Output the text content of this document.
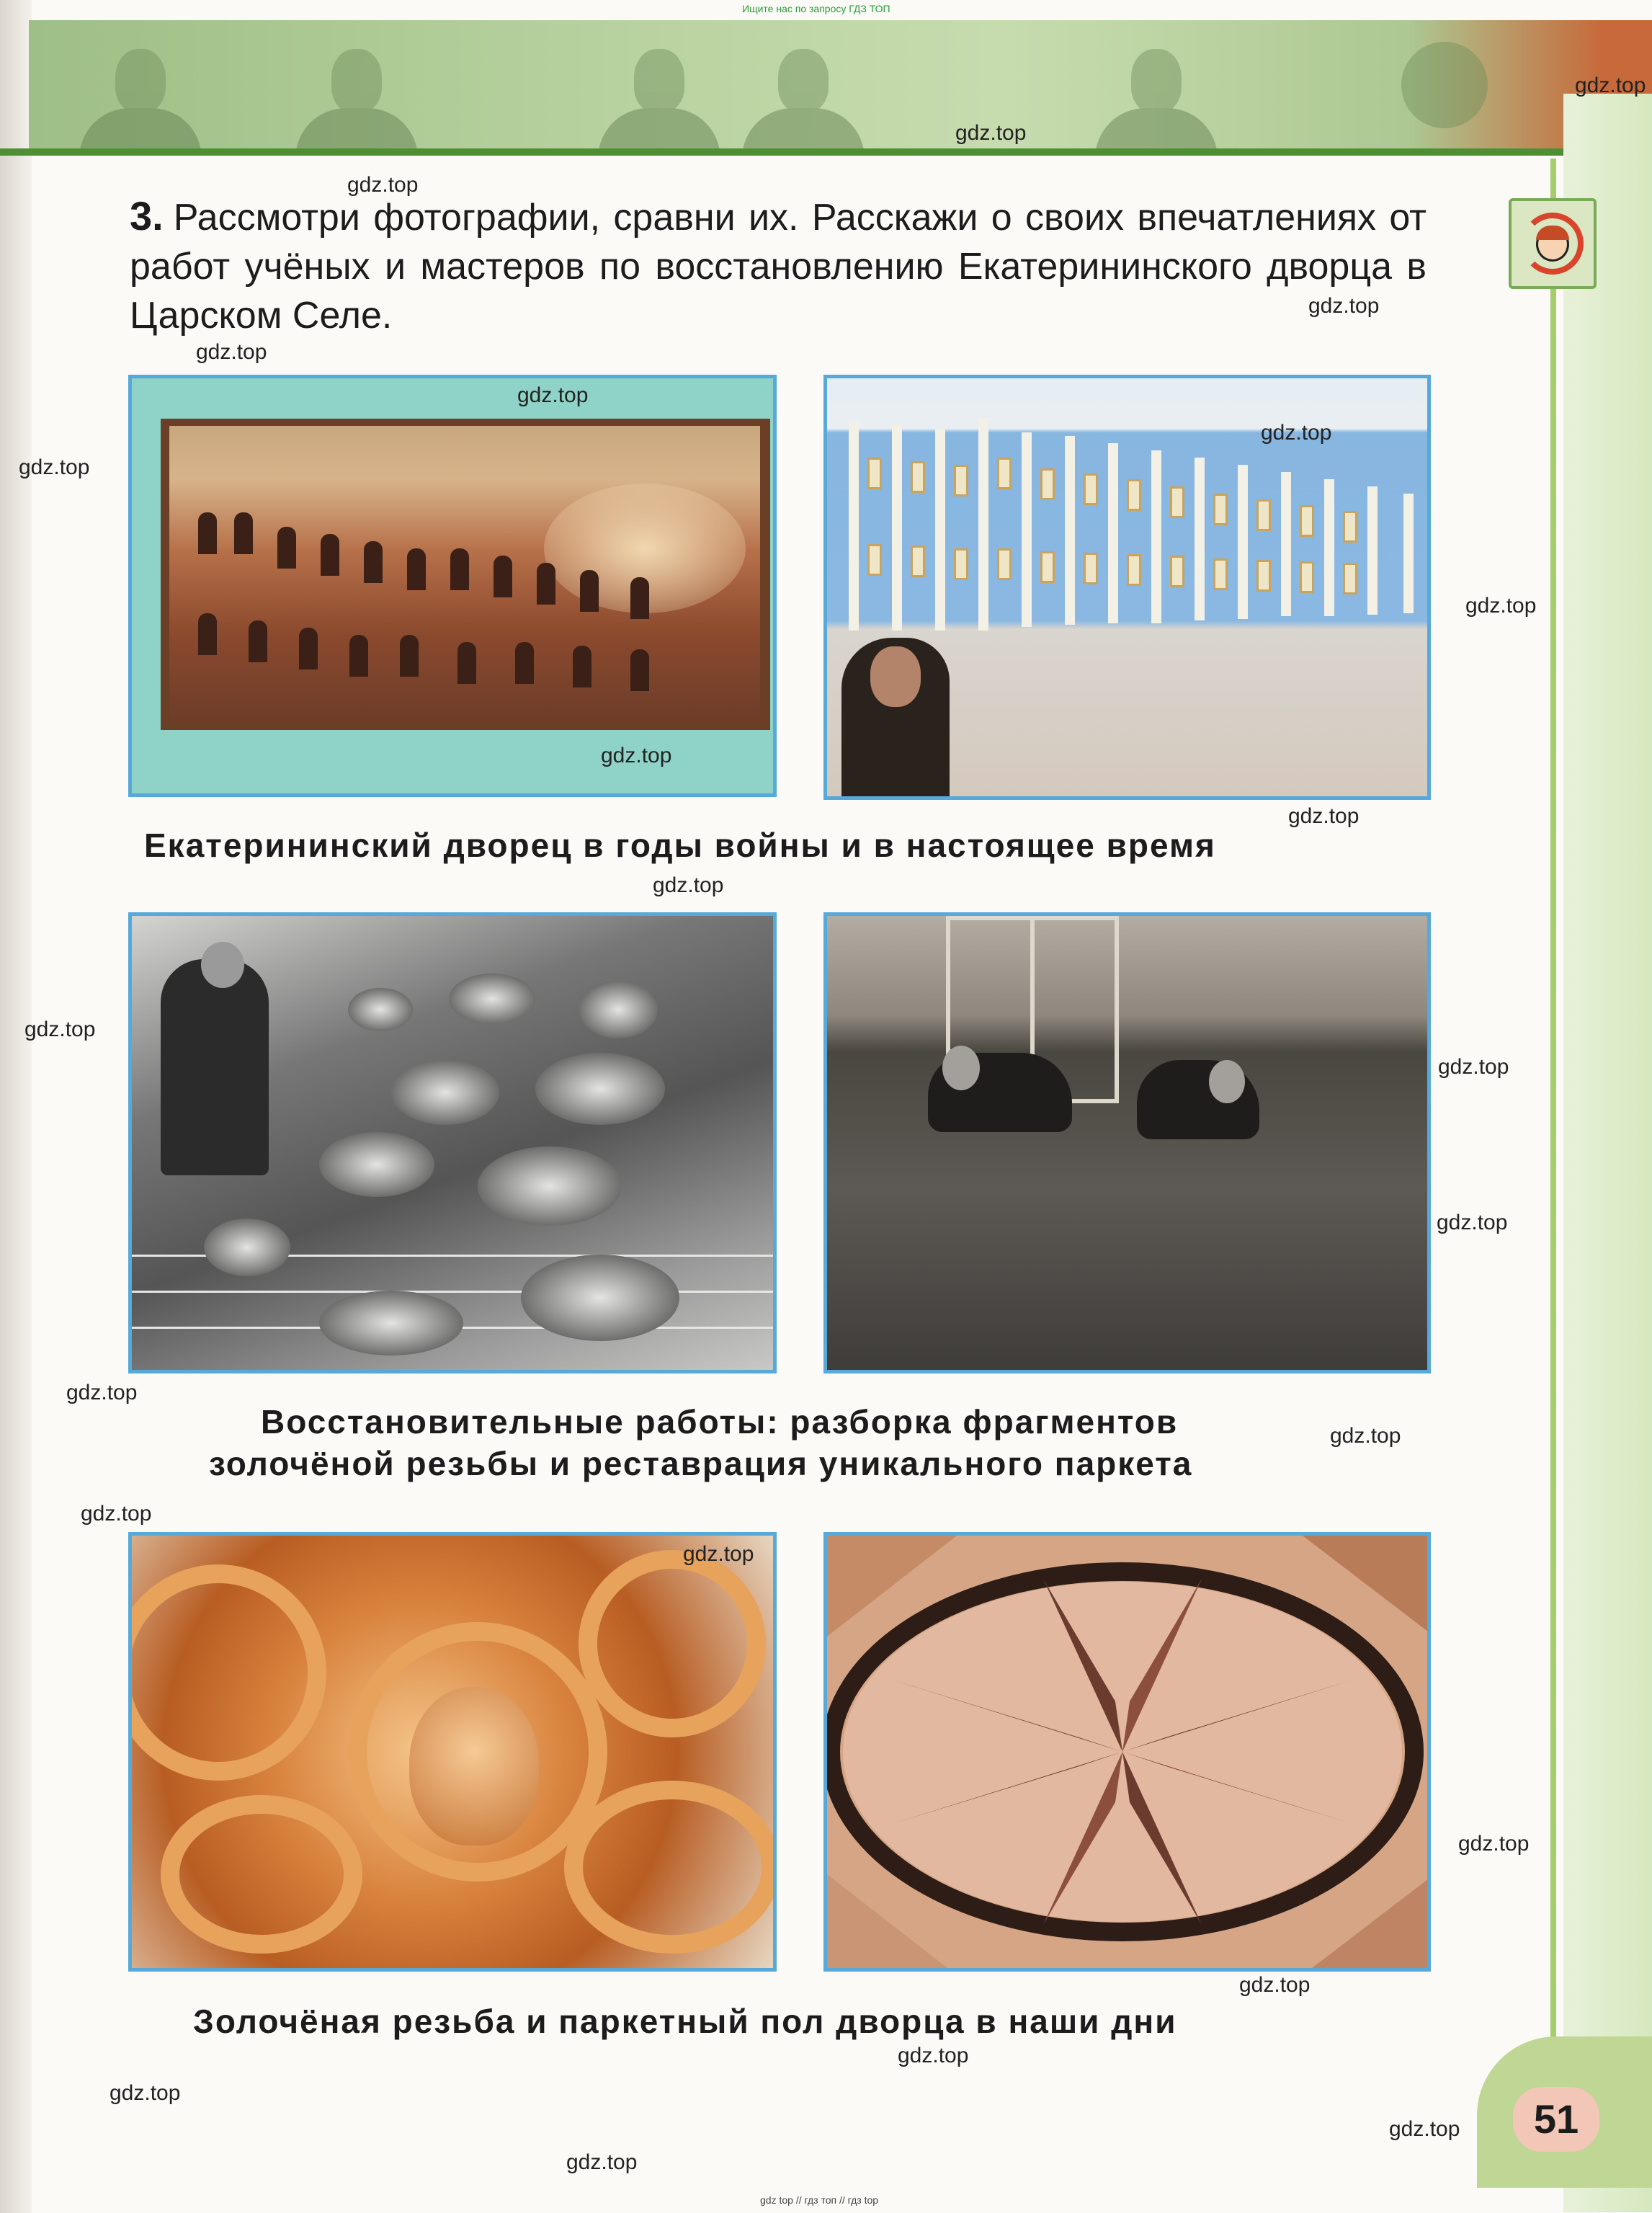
Ищите нас по запросу ГДЗ ТОП
3. Рассмотри фотографии, сравни их. Расскажи о своих впечатлениях от работ учёных и мастеров по восстановлению Екатерининского дворца в Царском Селе.
Екатерининский дворец в годы войны и в настоящее время
Восстановительные работы: разборка фрагментов
золочёной резьбы и реставрация уникального паркета
Золочёная резьба и паркетный пол дворца в наши дни
51
gdz top // гдз топ // гдз top
gdz.top
gdz.top
gdz.top
gdz.top
gdz.top
gdz.top
gdz.top
gdz.top
gdz.top
gdz.top
gdz.top
gdz.top
gdz.top
gdz.top
gdz.top
gdz.top
gdz.top
gdz.top
gdz.top
gdz.top
gdz.top
gdz.top
gdz.top
gdz.top
gdz.top
